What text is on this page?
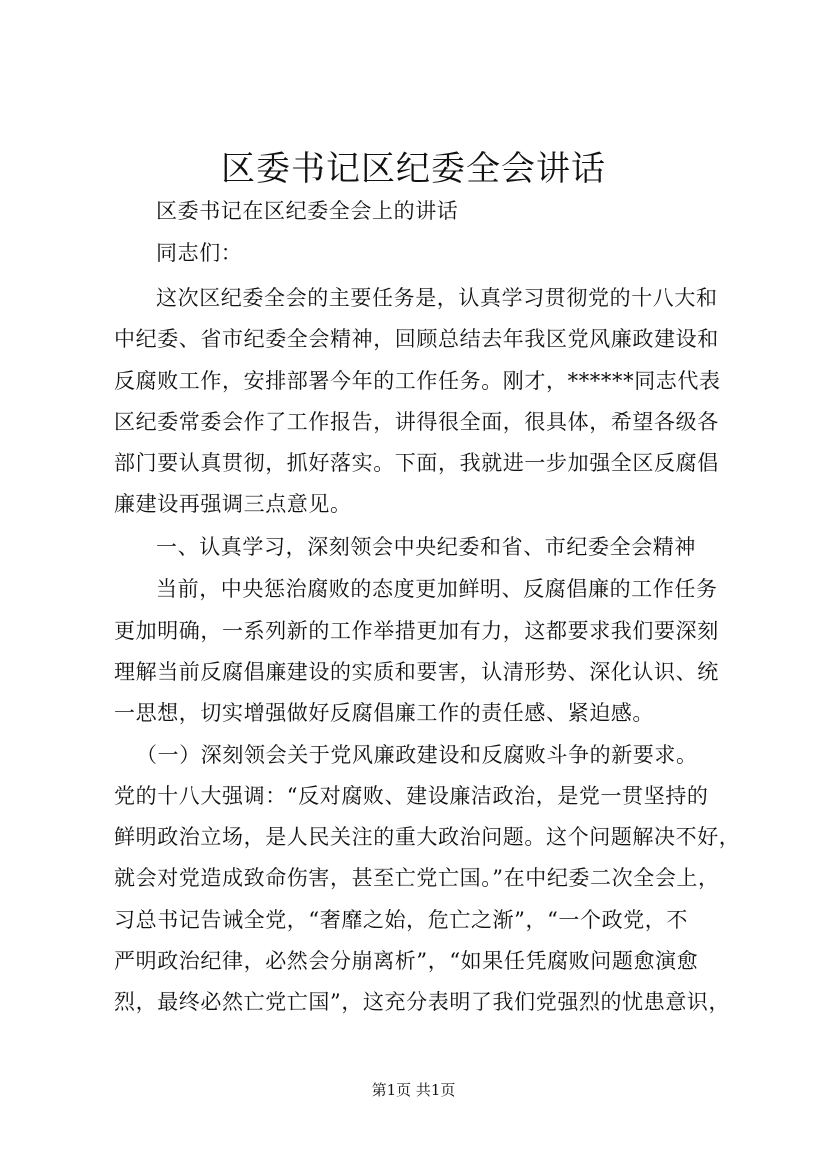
区委书记区纪委全会讲话
区委书记在区纪委全会上的讲话
同志们：
这次区纪委全会的主要任务是，认真学习贯彻党的十八大和
中纪委、省市纪委全会精神，回顾总结去年我区党风廉政建设和
反腐败工作，安排部署今年的工作任务。刚才，******同志代表
区纪委常委会作了工作报告，讲得很全面，很具体，希望各级各
部门要认真贯彻，抓好落实。下面，我就进一步加强全区反腐倡
廉建设再强调三点意见。
一、认真学习，深刻领会中央纪委和省、市纪委全会精神
当前，中央惩治腐败的态度更加鲜明、反腐倡廉的工作任务
更加明确，一系列新的工作举措更加有力，这都要求我们要深刻
理解当前反腐倡廉建设的实质和要害，认清形势、深化认识、统
一思想，切实增强做好反腐倡廉工作的责任感、紧迫感。
（一）深刻领会关于党风廉政建设和反腐败斗争的新要求。
党的十八大强调：“反对腐败、建设廉洁政治，是党一贯坚持的
鲜明政治立场，是人民关注的重大政治问题。这个问题解决不好，
就会对党造成致命伤害，甚至亡党亡国。”在中纪委二次全会上，
习总书记告诫全党，“奢靡之始，危亡之渐”，“一个政党，不
严明政治纪律，必然会分崩离析”，“如果任凭腐败问题愈演愈
烈，最终必然亡党亡国”，这充分表明了我们党强烈的忧患意识，
第1页 共1页
